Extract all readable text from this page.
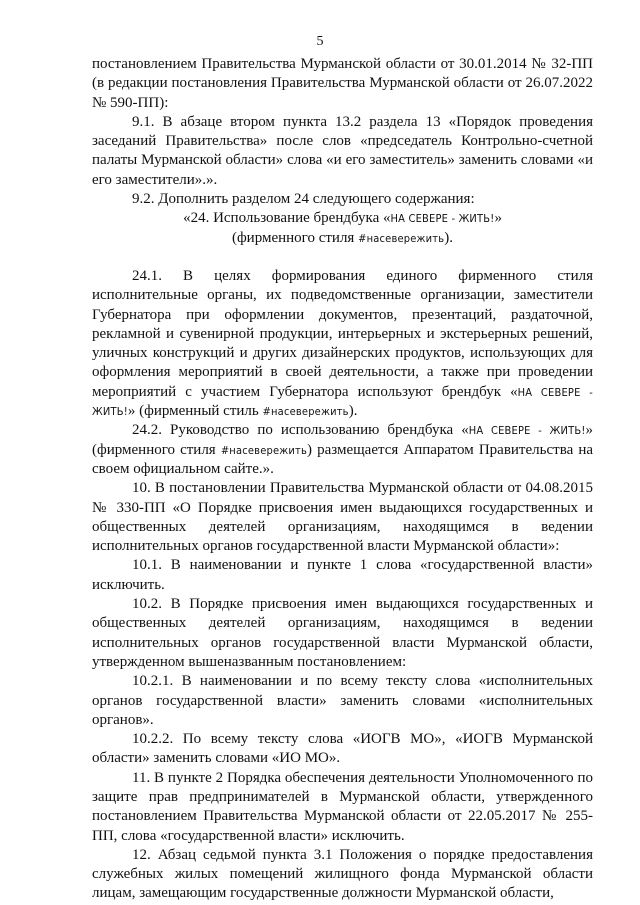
5

постановлением Правительства Мурманской области от 30.01.2014 № 32-ПП (в редакции постановления Правительства Мурманской области от 26.07.2022 № 590-ПП):

9.1. В абзаце втором пункта 13.2 раздела 13 «Порядок проведения заседаний Правительства» после слов «председатель Контрольно-счетной палаты Мурманской области» слова «и его заместитель» заменить словами «и его заместители».».

9.2. Дополнить разделом 24 следующего содержания:

«24. Использование брендбука «НА СЕВЕРЕ - ЖИТЬ!»

(фирменного стиля #насевережить).

24.1. В целях формирования единого фирменного стиля исполнительные органы, их подведомственные организации, заместители Губернатора при оформлении документов, презентаций, раздаточной, рекламной и сувенирной продукции, интерьерных и экстерьерных решений, уличных конструкций и других дизайнерских продуктов, использующих для оформления мероприятий в своей деятельности, а также при проведении мероприятий с участием Губернатора используют брендбук «НА СЕВЕРЕ - ЖИТЬ!» (фирменный стиль #насевережить).

24.2. Руководство по использованию брендбука «НА СЕВЕРЕ - ЖИТЬ!» (фирменного стиля #насевережить) размещается Аппаратом Правительства на своем официальном сайте.».

10. В постановлении Правительства Мурманской области от 04.08.2015 № 330-ПП «О Порядке присвоения имен выдающихся государственных и общественных деятелей организациям, находящимся в ведении исполнительных органов государственной власти Мурманской области»:

10.1. В наименовании и пункте 1 слова «государственной власти» исключить.

10.2. В Порядке присвоения имен выдающихся государственных и общественных деятелей организациям, находящимся в ведении исполнительных органов государственной власти Мурманской области, утвержденном вышеназванным постановлением:

10.2.1. В наименовании и по всему тексту слова «исполнительных органов государственной власти» заменить словами «исполнительных органов».

10.2.2. По всему тексту слова «ИОГВ МО», «ИОГВ Мурманской области» заменить словами «ИО МО».

11. В пункте 2 Порядка обеспечения деятельности Уполномоченного по защите прав предпринимателей в Мурманской области, утвержденного постановлением Правительства Мурманской области от 22.05.2017 № 255-ПП, слова «государственной власти» исключить.

12. Абзац седьмой пункта 3.1 Положения о порядке предоставления служебных жилых помещений жилищного фонда Мурманской области лицам, замещающим государственные должности Мурманской области,
